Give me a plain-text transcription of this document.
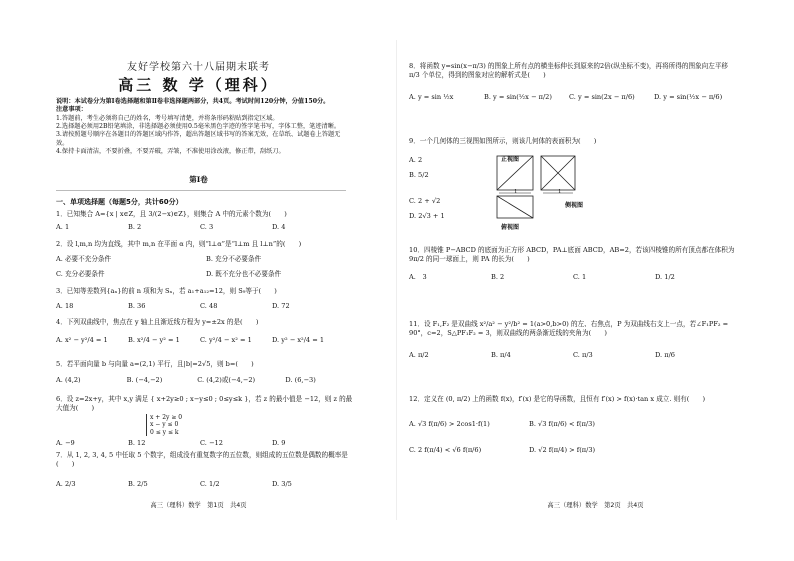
友好学校第六十八届期末联考
高三 数 学（理科）
说明：本试卷分为第Ⅰ卷选择题和第Ⅱ卷非选择题两部分，共4页。考试时间120分钟，分值150分。
注意事项：
1.答题前，考生必须将自己的姓名，考号填写清楚，并将条形码粘贴到指定区域。
2.选择题必须用2B铅笔填涂，非选择题必须使用0.5毫米黑色字迹的签字笔书写，字体工整，笔迹清晰。
3.请按照题号顺序在各题目的答题区域内作答，超出答题区域书写的答案无效，在草纸、试题卷上答题无效。
4.保持卡面清洁，不要折叠，不要弄破，弄皱，不准使用涂改液，修正带，刮纸刀。
第Ⅰ卷
一、单项选择题（每题5分，共计60分）
1．已知集合 A={x | x∈Z，且 3/(2−x)∈Z}，则集合 A 中的元素个数为(　　)
A. 1	B. 2	C. 3	D. 4
2．设 l,m,n 均为直线，其中 m,n 在平面 α 内，则“l⊥α”是“l⊥m 且 l⊥n”的(　　)
A. 必要不充分条件	B. 充分不必要条件
C. 充分必要条件	D. 既不充分也不必要条件
3．已知等差数列{aₙ}的前 n 项和为 Sₙ，若 a₁+a₁₂=12，则 S₉等于(　　)
A. 18	B. 36	C. 48	D. 72
4．下列双曲线中，焦点在 y 轴上且渐近线方程为 y=±2x 的是(　　)
A. x² − y²/4 = 1	B. x²/4 − y² = 1	C. y²/4 − x² = 1	D. y² − x²/4 = 1
5．若平面向量 b 与向量 a=(2,1) 平行，且|b|=2√5，则 b=(　　)
A. (4,2)	B. (−4,−2)	C. (4,2)或(−4,−2)	D. (6,−3)
6．设 z=2x+y，其中 x,y 满足 { x+2y≥0 ; x−y≤0 ; 0≤y≤k }，若 z 的最小值是 −12，则 z 的最大值为(　　)
x + 2y ≥ 0
x − y ≤ 0
0 ≤ y ≤ k
A. −9	B. 12	C. −12	D. 9
7．从 1, 2, 3, 4, 5 中任取 5 个数字，组成没有重复数字的五位数，则组成的五位数是偶数的概率是(　　)
A. 2/3	B. 2/5	C. 1/2	D. 3/5
高三（理科）数学　第1页　共4页
8．将函数 y=sin(x−π/3) 的图象上所有点的横坐标伸长到原来的2倍(纵坐标不变)，再将所得的图象向左平移 π/3 个单位，得到的图象对应的解析式是(　　)
A. y = sin ½x	B. y = sin(½x − π/2)	C. y = sin(2x − π/6)	D. y = sin(½x − π/6)
9．一个几何体的三视图如图所示，则该几何体的表面积为(　　)
A. 2
B. 5/2
C. 2 + √2
D. 2√3 + 1
正视图
侧视图
俯视图
1	1
10．四棱锥 P−ABCD 的底面为正方形 ABCD，PA⊥底面 ABCD，AB=2，若该四棱锥的所有顶点都在体积为 9π/2 的同一球面上，则 PA 的长为(　　)
A.　3	B. 2	C. 1	D. 1/2
11．设 F₁,F₂ 是双曲线 x²/a² − y²/b² = 1(a>0,b>0) 的左、右焦点，P 为双曲线右支上一点，若∠F₁PF₂ = 90°，c=2，S△PF₁F₂ = 3，则双曲线的两条渐近线的夹角为(　　)
A. π/2	B. π/4	C. π/3	D. π/6
12．定义在 (0, π/2) 上的函数 f(x)，f′(x) 是它的导函数，且恒有 f′(x) > f(x)·tan x 成立. 则有(　　)
A. √3 f(π/6) > 2cos1·f(1)	B. √3 f(π/6) < f(π/3)
C. 2 f(π/4) < √6 f(π/6)	D. √2 f(π/4) > f(π/3)
高三（理科）数学　第2页　共4页
